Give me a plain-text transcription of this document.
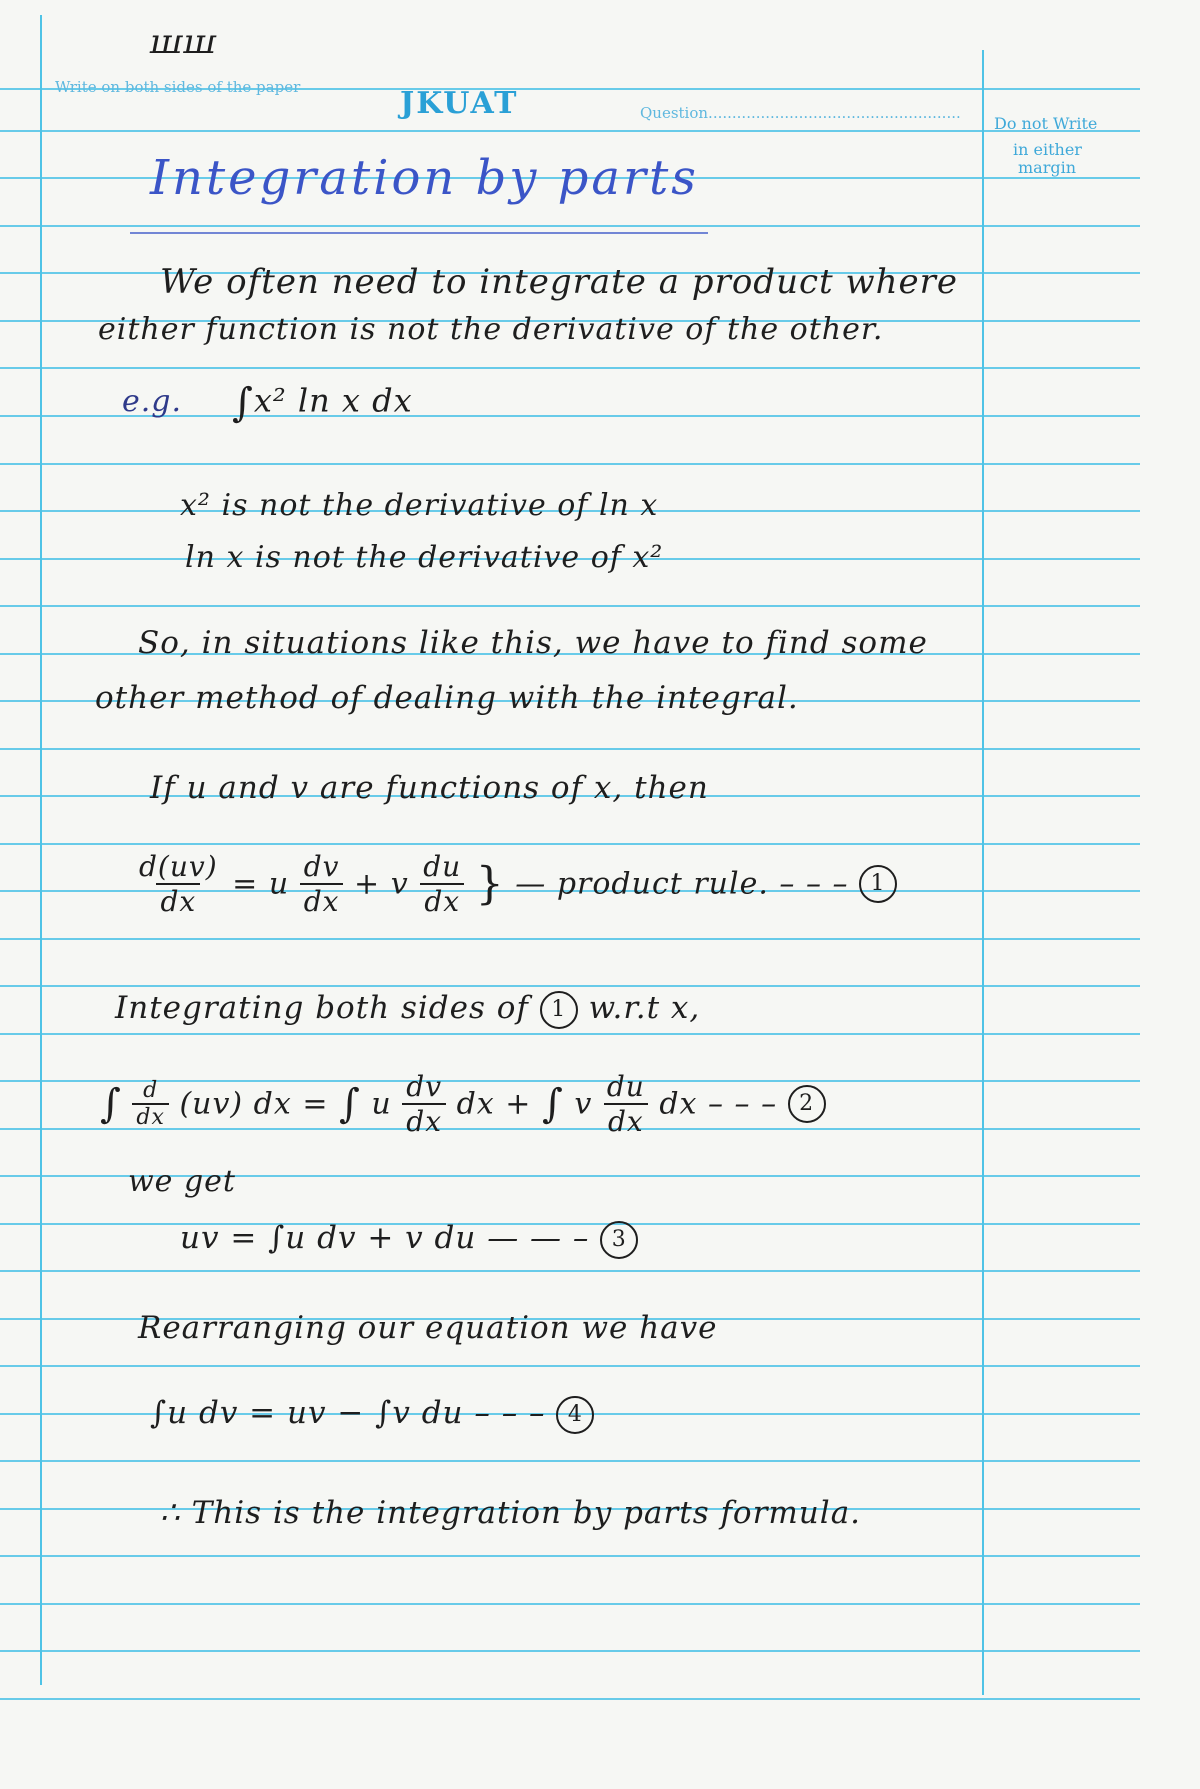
ꟺꟺ
Write on both sides of the paper	JKUAT	Question.....................................................
Do not Write
in either
margin
Integration by parts
We often need to integrate a product where
either function is not the derivative of the other.
e.g. ∫x² ln x dx
x² is not the derivative of ln x
ln x is not the derivative of x²
So, in situations like this, we have to find some
other method of dealing with the integral.
If u and v are functions of x, then
$\frac{d(uv)}{dx} = u \frac{dv}{dx} + v \frac{du}{dx}$ } — product rule. – – – 1
Integrating both sides of 1 w.r.t x,
∫ $\frac{d}{dx} (uv)$ dx = ∫ u $\frac{dv}{dx}$ dx + ∫ v $\frac{du}{dx}$ dx – – – 2
we get
uv = ∫u dv + v du — — – 3
Rearranging our equation we have
∫u dv = uv − ∫v du – – – 4
∴ This is the integration by parts formula.
